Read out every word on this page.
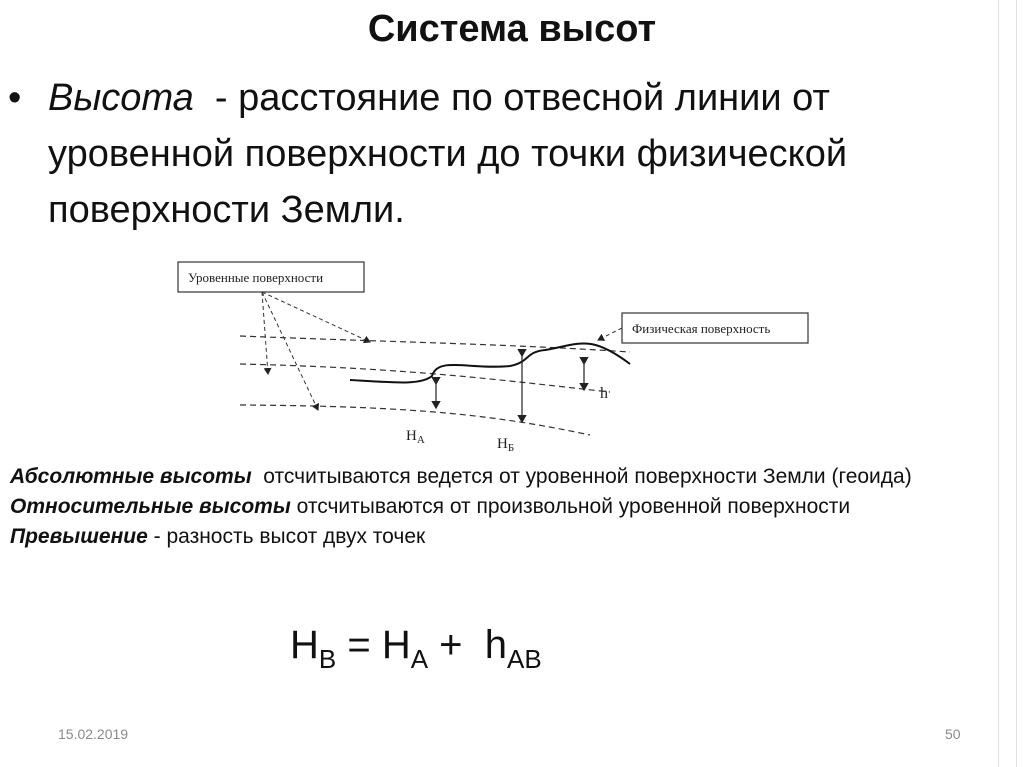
Система высот
• Высота  - расстояние по отвесной линии от уровенной поверхности до точки физической поверхности Земли.
Уровенные поверхности
Физическая поверхность
h
$Н_А$	$Н_Б$
Абсолютные высоты  отсчитываются ведется от уровенной поверхности Земли (геоида)
Относительные высоты отсчитываются от произвольной уровенной поверхности
Превышение - разность высот двух точек
$H_B = H_A + h_{AB}$
15.02.2019	50
